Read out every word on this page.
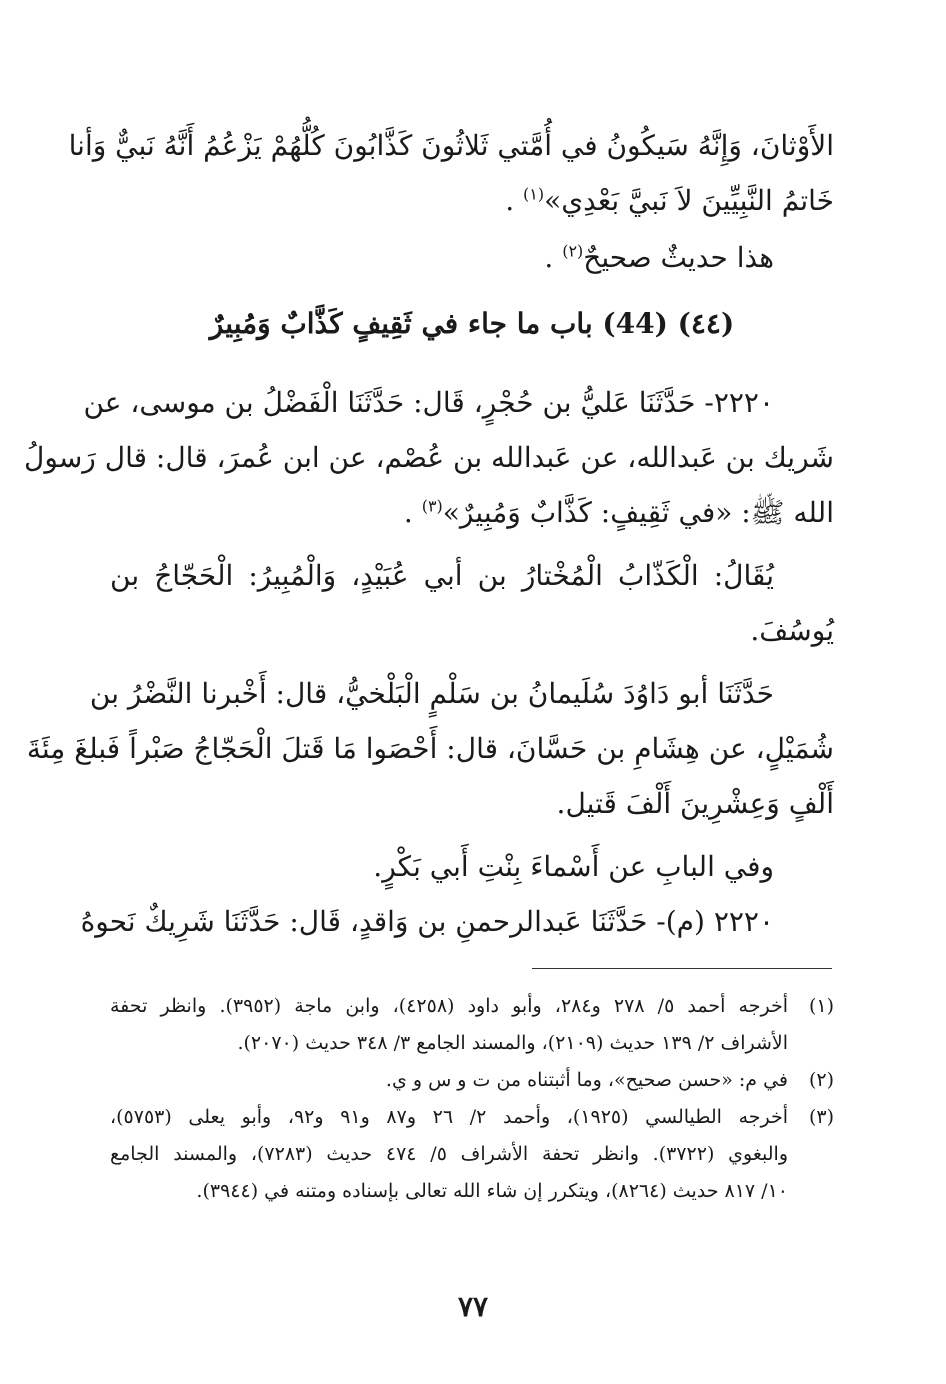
الأَوْثانَ، وَإِنَّهُ سَيكُونُ في أُمَّتي ثَلاثُونَ كَذَّابُونَ كُلُّهُمْ يَزْعُمُ أَنَّهُ نَبيٌّ وَأنا
خَاتمُ النَّبِيِّينَ لاَ نَبيَّ بَعْدِي»$^{(١)}$ .
هذا حديثٌ صحيحٌ$^{(٢)}$ .
(٤٤) (44) باب ما جاء في ثَقِيفٍ كَذَّابٌ وَمُبِيرٌ
٢٢٢٠- حَدَّثَنَا عَليُّ بن حُجْرٍ، قَال: حَدَّثَنَا الْفَضْلُ بن موسى، عن
شَريك بن عَبدالله، عن عَبدالله بن عُصْم، عن ابن عُمرَ، قال: قال رَسولُ
الله ﷺ: «في ثَقِيفٍ: كَذَّابٌ وَمُبِيرٌ»$^{(٣)}$ .
يُقَالُ: الْكَذّابُ الْمُخْتارُ بن أبي عُبَيْدٍ، وَالْمُبِيرُ: الْحَجّاجُ بن
يُوسُفَ.
حَدَّثَنَا أبو دَاوُدَ سُلَيمانُ بن سَلْمٍ الْبَلْخيُّ، قال: أَخْبرنا النَّضْرُ بن
شُمَيْلٍ، عن هِشَامِ بن حَسَّانَ، قال: أَحْصَوا مَا قَتلَ الْحَجّاجُ صَبْراً فَبلغَ مِئَةَ
أَلْفٍ وَعِشْرِينَ أَلْفَ قَتيل.
وفي البابِ عن أَسْماءَ بِنْتِ أَبي بَكْرٍ.
٢٢٢٠ (م)- حَدَّثَنَا عَبدالرحمنِ بن وَاقدٍ، قَال: حَدَّثَنَا شَرِيكٌ نَحوهُ
(١)
أخرجه أحمد ٥/ ٢٧٨ و٢٨٤، وأبو داود (٤٢٥٨)، وابن ماجة (٣٩٥٢). وانظر تحفة
الأشراف ٢/ ١٣٩ حديث (٢١٠٩)، والمسند الجامع ٣/ ٣٤٨ حديث (٢٠٧٠).
(٢)
في م: «حسن صحيح»، وما أثبتناه من ت و س و ي.
(٣)
أخرجه الطيالسي (١٩٢٥)، وأحمد ٢/ ٢٦ و٨٧ و٩١ و٩٢، وأبو يعلى (٥٧٥٣)،
والبغوي (٣٧٢٢). وانظر تحفة الأشراف ٥/ ٤٧٤ حديث (٧٢٨٣)، والمسند الجامع
١٠/ ٨١٧ حديث (٨٢٦٤)، ويتكرر إن شاء الله تعالى بإسناده ومتنه في (٣٩٤٤).
٧٧
